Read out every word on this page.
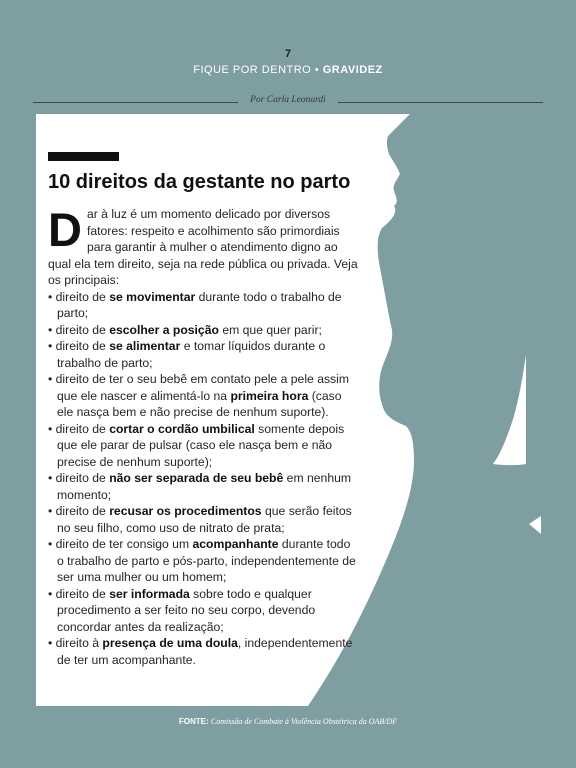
7
FIQUE POR DENTRO • GRAVIDEZ
Por Carla Leonardi
10 direitos da gestante no parto
D ar à luz é um momento delicado por diversos fatores: respeito e acolhimento são primordiais para garantir à mulher o atendimento digno ao qual ela tem direito, seja na rede pública ou privada. Veja os principais:

• direito de se movimentar durante todo o trabalho de parto;
• direito de escolher a posição em que quer parir;
• direito de se alimentar e tomar líquidos durante o trabalho de parto;
• direito de ter o seu bebê em contato pele a pele assim que ele nascer e alimentá-lo na primeira hora (caso ele nasça bem e não precise de nenhum suporte).
• direito de cortar o cordão umbilical somente depois que ele parar de pulsar (caso ele nasça bem e não precise de nenhum suporte);
• direito de não ser separada de seu bebê em nenhum momento;
• direito de recusar os procedimentos que serão feitos no seu filho, como uso de nitrato de prata;
• direito de ter consigo um acompanhante durante todo o trabalho de parto e pós-parto, independentemente de ser uma mulher ou um homem;
• direito de ser informada sobre todo e qualquer procedimento a ser feito no seu corpo, devendo concordar antes da realização;
• direito à presença de uma doula, independentemente de ter um acompanhante.
FONTE: Comissão de Combate à Violência Obstétrica da OAB/DF
